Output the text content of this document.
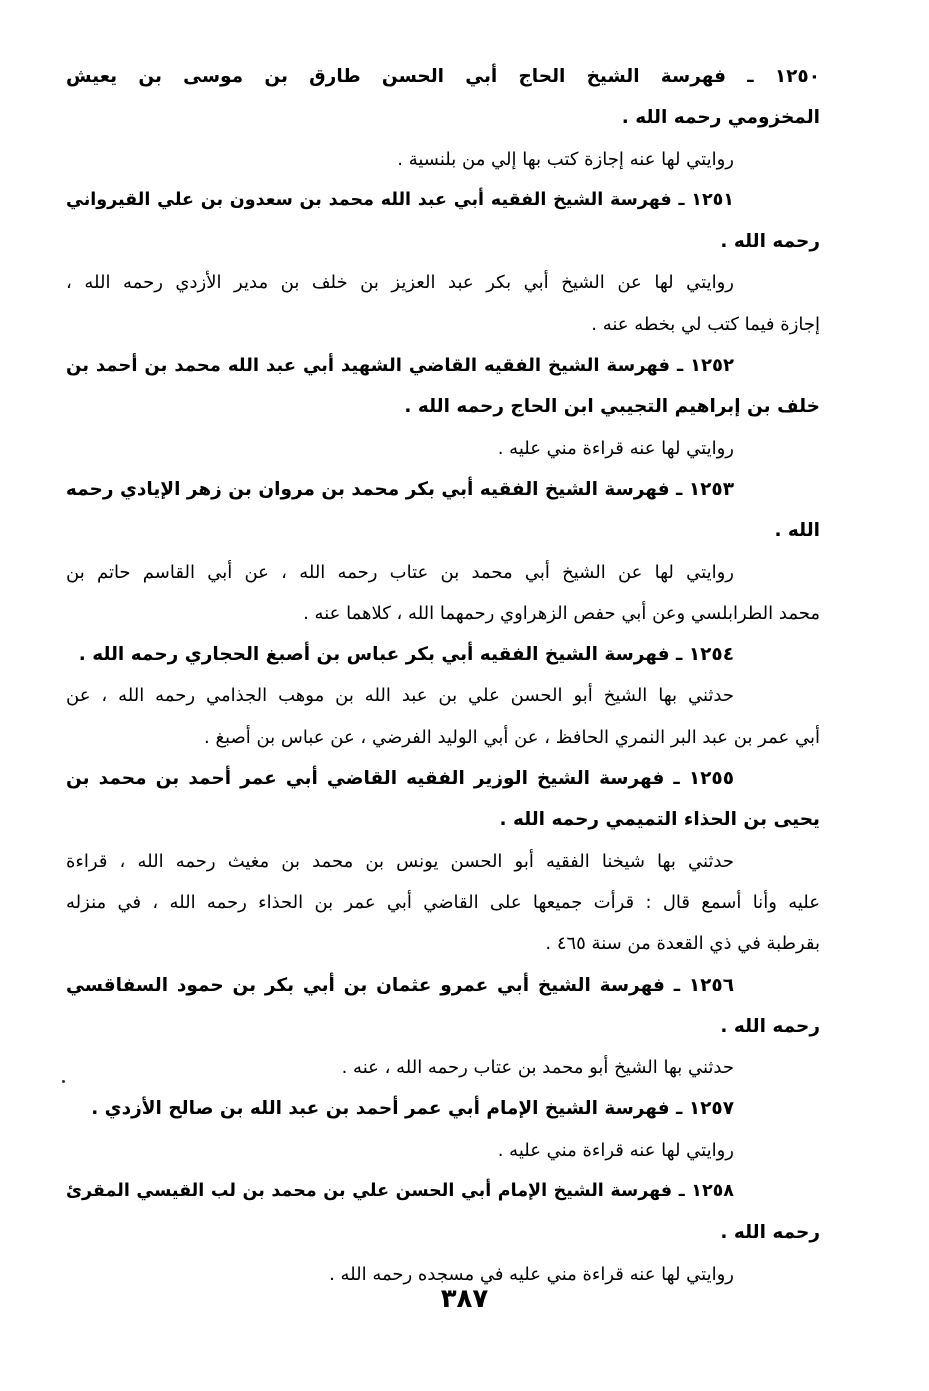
١٢٥٠ ـ فهرسة الشيخ الحاج أبي الحسن طارق بن موسى بن يعيش
المخزومي رحمه الله .
روايتي لها عنه إجازة كتب بها إلي من بلنسية .
١٢٥١ ـ فهرسة الشيخ الفقيه أبي عبد الله محمد بن سعدون بن علي القيرواني
رحمه الله .
روايتي لها عن الشيخ أبي بكر عبد العزيز بن خلف بن مدير الأزدي رحمه الله ،
إجازة فيما كتب لي بخطه عنه .
١٢٥٢ ـ فهرسة الشيخ الفقيه القاضي الشهيد أبي عبد الله محمد بن أحمد بن
خلف بن إبراهيم التجيبي ابن الحاج رحمه الله .
روايتي لها عنه قراءة مني عليه .
١٢٥٣ ـ فهرسة الشيخ الفقيه أبي بكر محمد بن مروان بن زهر الإيادي رحمه
الله .
روايتي لها عن الشيخ أبي محمد بن عتاب رحمه الله ، عن أبي القاسم حاتم بن
محمد الطرابلسي وعن أبي حفص الزهراوي رحمهما الله ، كلاهما عنه .
١٢٥٤ ـ فهرسة الشيخ الفقيه أبي بكر عباس بن أصبغ الحجاري رحمه الله .
حدثني بها الشيخ أبو الحسن علي بن عبد الله بن موهب الجذامي رحمه الله ، عن
أبي عمر بن عبد البر النمري الحافظ ، عن أبي الوليد الفرضي ، عن عباس بن أصبغ .
١٢٥٥ ـ فهرسة الشيخ الوزير الفقيه القاضي أبي عمر أحمد بن محمد بن
يحيى بن الحذاء التميمي رحمه الله .
حدثني بها شيخنا الفقيه أبو الحسن يونس بن محمد بن مغيث رحمه الله ، قراءة
عليه وأنا أسمع قال : قرأت جميعها على القاضي أبي عمر بن الحذاء رحمه الله ، في منزله
بقرطبة في ذي القعدة من سنة ٤٦٥ .
١٢٥٦ ـ فهرسة الشيخ أبي عمرو عثمان بن أبي بكر بن حمود السفاقسي
رحمه الله .
حدثني بها الشيخ أبو محمد بن عتاب رحمه الله ، عنه .
١٢٥٧ ـ فهرسة الشيخ الإمام أبي عمر أحمد بن عبد الله بن صالح الأزدي .
روايتي لها عنه قراءة مني عليه .
١٢٥٨ ـ فهرسة الشيخ الإمام أبي الحسن علي بن محمد بن لب القيسي المقرئ
رحمه الله .
روايتي لها عنه قراءة مني عليه في مسجده رحمه الله .
٣٨٧
